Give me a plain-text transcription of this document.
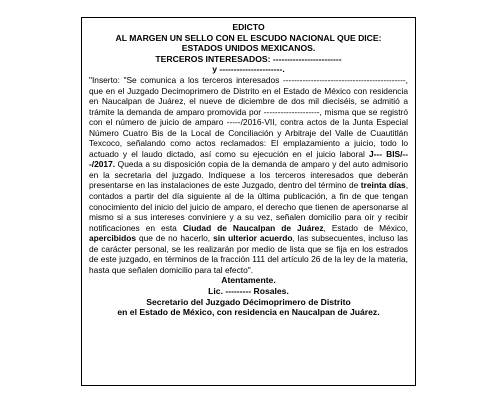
EDICTO

AL MARGEN UN SELLO CON EL ESCUDO NACIONAL QUE DICE:

ESTADOS UNIDOS MEXICANOS.

TERCEROS INTERESADOS: ------------------------

y ----------------------.

"Inserto: "Se comunica a los terceros interesados --------------------------------------------, que en el Juzgado Decimoprimero de Distrito en el Estado de México con residencia en Naucalpan de Juárez, el nueve de diciembre de dos mil dieciséis, se admitió a trámite la demanda de amparo promovida por --------------------, misma que se registró con el número de juicio de amparo -----/2016-VII, contra actos de la Junta Especial Número Cuatro Bis de la Local de Conciliación y Arbitraje del Valle de Cuautitlán Texcoco, señalando como actos reclamados: El emplazamiento a juicio, todo lo actuado y el laudo dictado, así como su ejecución en el juicio laboral J--- BIS/---/2017. Queda a su disposición copia de la demanda de amparo y del auto admisorio en la secretaria del juzgado. Indíquese a los terceros interesados que deberán presentarse en las instalaciones de este Juzgado, dentro del término de treinta días, contados a partir del día siguiente al de la última publicación, a fin de que tengan conocimiento del inicio del juicio de amparo, el derecho que tienen de apersonarse al mismo si a sus intereses conviniere y a su vez, señalen domicilio para oír y recibir notificaciones en esta Ciudad de Naucalpan de Juárez, Estado de México, apercibidos que de no hacerlo, sin ulterior acuerdo, las subsecuentes, incluso las de carácter personal, se les realizarán por medio de lista que se fija en los estrados de este juzgado, en términos de la fracción 111 del artículo 26 de la ley de la materia, hasta que señalen domicilio para tal efecto".

Atentamente.

Lic. --------- Rosales.

Secretario del Juzgado Décimoprimero de Distrito

en el Estado de México, con residencia en Naucalpan de Juárez.
